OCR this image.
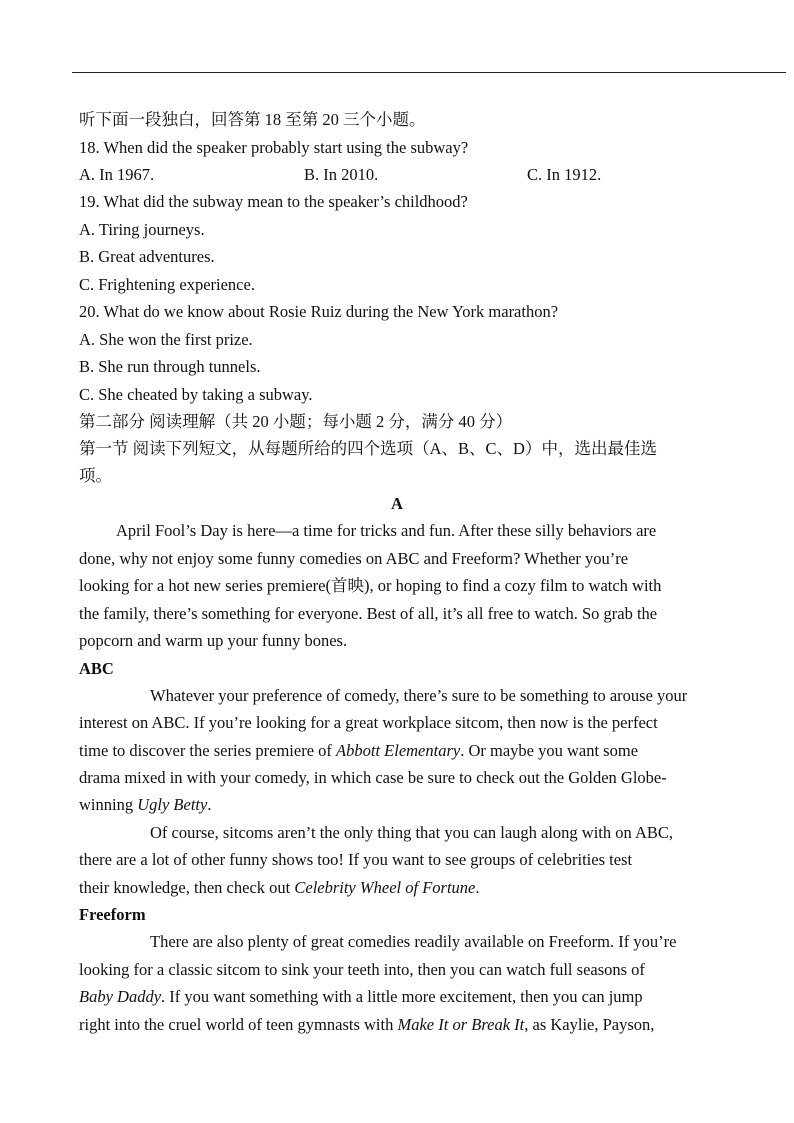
听下面一段独白，回答第 18 至第 20 三个小题。
18. When did the speaker probably start using the subway?
A. In 1967.	B. In 2010.	C. In 1912.
19. What did the subway mean to the speaker’s childhood?
A. Tiring journeys.
B. Great adventures.
C. Frightening experience.
20. What do we know about Rosie Ruiz during the New York marathon?
A. She won the first prize.
B. She run through tunnels.
C. She cheated by taking a subway.
第二部分 阅读理解（共 20 小题；每小题 2 分，满分 40 分）
第一节 阅读下列短文，从每题所给的四个选项（A、B、C、D）中，选出最佳选
项。
A
April Fool’s Day is here—a time for tricks and fun. After these silly behaviors are
done, why not enjoy some funny comedies on ABC and Freeform? Whether you’re
looking for a hot new series premiere(首映), or hoping to find a cozy film to watch with
the family, there’s something for everyone. Best of all, it’s all free to watch. So grab the
popcorn and warm up your funny bones.
ABC
Whatever your preference of comedy, there’s sure to be something to arouse your
interest on ABC. If you’re looking for a great workplace sitcom, then now is the perfect
time to discover the series premiere of Abbott Elementary. Or maybe you want some
drama mixed in with your comedy, in which case be sure to check out the Golden Globe-
winning Ugly Betty.
Of course, sitcoms aren’t the only thing that you can laugh along with on ABC,
there are a lot of other funny shows too! If you want to see groups of celebrities test
their knowledge, then check out Celebrity Wheel of Fortune.
Freeform
There are also plenty of great comedies readily available on Freeform. If you’re
looking for a classic sitcom to sink your teeth into, then you can watch full seasons of
Baby Daddy. If you want something with a little more excitement, then you can jump
right into the cruel world of teen gymnasts with Make It or Break It, as Kaylie, Payson,
